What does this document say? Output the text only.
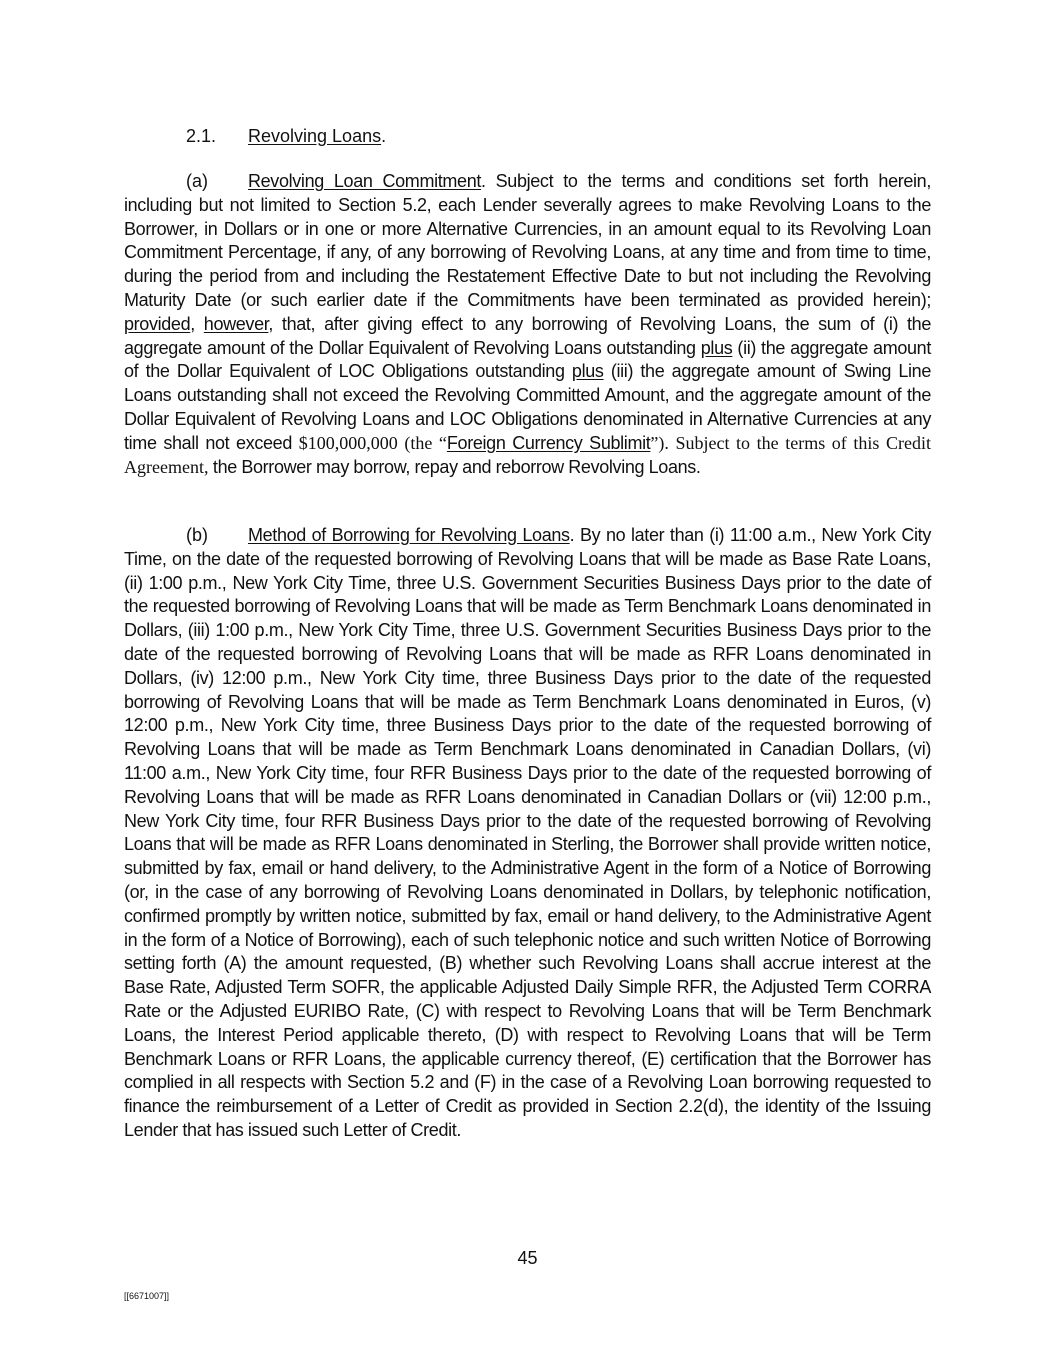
2.1. Revolving Loans.
(a) Revolving Loan Commitment. Subject to the terms and conditions set forth herein, including but not limited to Section 5.2, each Lender severally agrees to make Revolving Loans to the Borrower, in Dollars or in one or more Alternative Currencies, in an amount equal to its Revolving Loan Commitment Percentage, if any, of any borrowing of Revolving Loans, at any time and from time to time, during the period from and including the Restatement Effective Date to but not including the Revolving Maturity Date (or such earlier date if the Commitments have been terminated as provided herein); provided, however, that, after giving effect to any borrowing of Revolving Loans, the sum of (i) the aggregate amount of the Dollar Equivalent of Revolving Loans outstanding plus (ii) the aggregate amount of the Dollar Equivalent of LOC Obligations outstanding plus (iii) the aggregate amount of Swing Line Loans outstanding shall not exceed the Revolving Committed Amount, and the aggregate amount of the Dollar Equivalent of Revolving Loans and LOC Obligations denominated in Alternative Currencies at any time shall not exceed $100,000,000 (the “Foreign Currency Sublimit”). Subject to the terms of this Credit Agreement, the Borrower may borrow, repay and reborrow Revolving Loans.
(b) Method of Borrowing for Revolving Loans. By no later than (i) 11:00 a.m., New York City Time, on the date of the requested borrowing of Revolving Loans that will be made as Base Rate Loans, (ii) 1:00 p.m., New York City Time, three U.S. Government Securities Business Days prior to the date of the requested borrowing of Revolving Loans that will be made as Term Benchmark Loans denominated in Dollars, (iii) 1:00 p.m., New York City Time, three U.S. Government Securities Business Days prior to the date of the requested borrowing of Revolving Loans that will be made as RFR Loans denominated in Dollars, (iv) 12:00 p.m., New York City time, three Business Days prior to the date of the requested borrowing of Revolving Loans that will be made as Term Benchmark Loans denominated in Euros, (v) 12:00 p.m., New York City time, three Business Days prior to the date of the requested borrowing of Revolving Loans that will be made as Term Benchmark Loans denominated in Canadian Dollars, (vi) 11:00 a.m., New York City time, four RFR Business Days prior to the date of the requested borrowing of Revolving Loans that will be made as RFR Loans denominated in Canadian Dollars or (vii) 12:00 p.m., New York City time, four RFR Business Days prior to the date of the requested borrowing of Revolving Loans that will be made as RFR Loans denominated in Sterling, the Borrower shall provide written notice, submitted by fax, email or hand delivery, to the Administrative Agent in the form of a Notice of Borrowing (or, in the case of any borrowing of Revolving Loans denominated in Dollars, by telephonic notification, confirmed promptly by written notice, submitted by fax, email or hand delivery, to the Administrative Agent in the form of a Notice of Borrowing), each of such telephonic notice and such written Notice of Borrowing setting forth (A) the amount requested, (B) whether such Revolving Loans shall accrue interest at the Base Rate, Adjusted Term SOFR, the applicable Adjusted Daily Simple RFR, the Adjusted Term CORRA Rate or the Adjusted EURIBO Rate, (C) with respect to Revolving Loans that will be Term Benchmark Loans, the Interest Period applicable thereto, (D) with respect to Revolving Loans that will be Term Benchmark Loans or RFR Loans, the applicable currency thereof, (E) certification that the Borrower has complied in all respects with Section 5.2 and (F) in the case of a Revolving Loan borrowing requested to finance the reimbursement of a Letter of Credit as provided in Section 2.2(d), the identity of the Issuing Lender that has issued such Letter of Credit.
45
[[6671007]]
